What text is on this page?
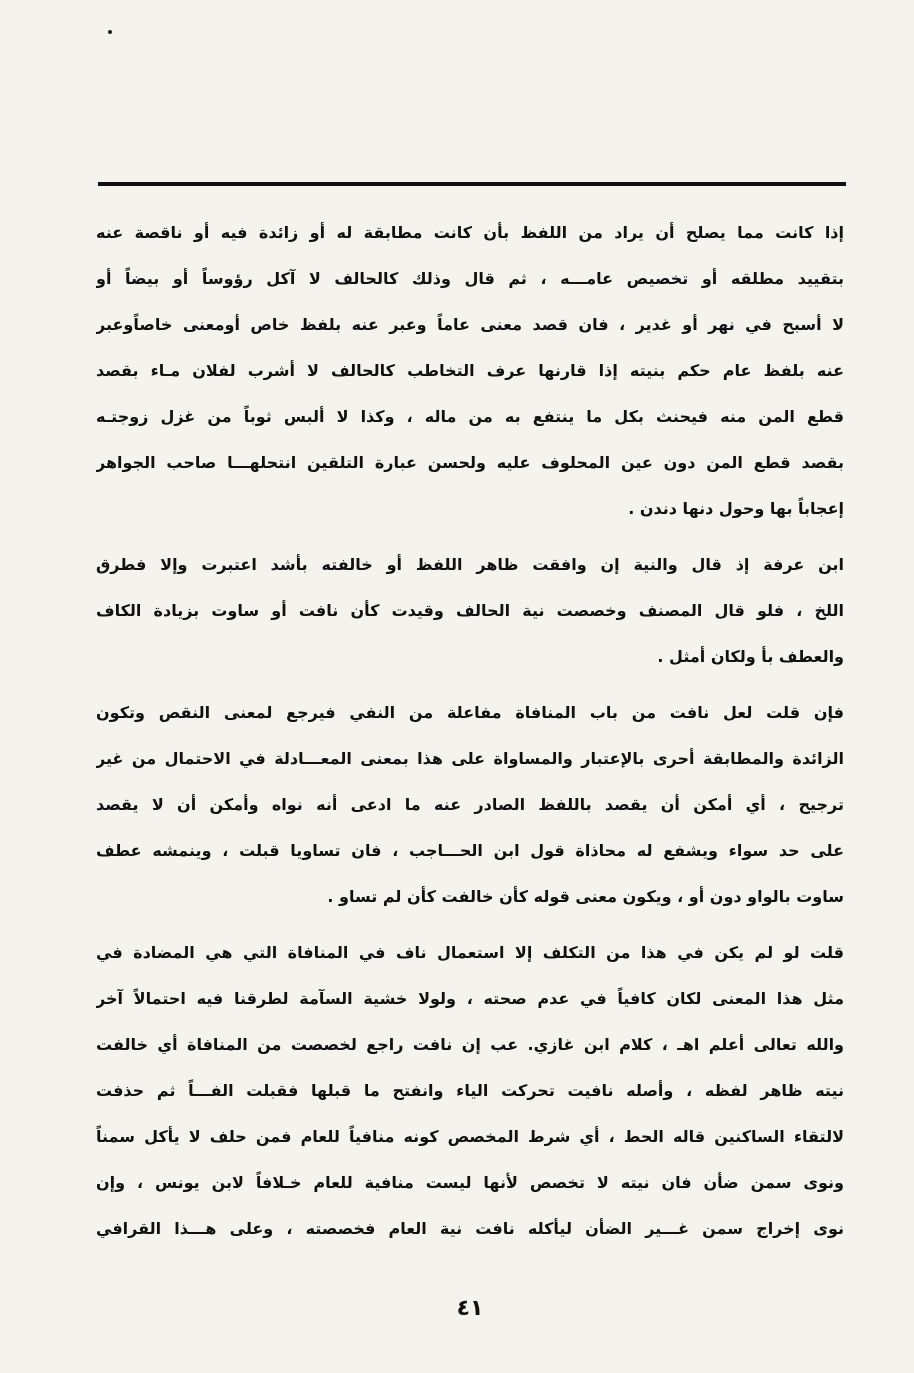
إذا كانت مما يصلح أن يراد من اللفظ بأن كانت مطابقة له أو زائدة فيه أو ناقصة عنه
بتقييد مطلقه أو تخصيص عامـــه ، ثم قال وذلك كالحالف لا آكل رؤوساً أو بيضاً أو
لا أسبح في نهر أو غدير ، فان قصد معنى عاماً وعبر عنه بلفظ خاص أومعنى خاصاًوعبر
عنه بلفظ عام حكم بنيته إذا قارنها عرف التخاطب كالحالف لا أشرب لفلان مـاء بقصد
قطع المن منه فيحنث بكل ما ينتفع به من ماله ، وكذا لا ألبس ثوباً من غزل زوجتـه
بقصد قطع المن دون عين المحلوف عليه ولحسن عبارة التلقين انتحلهـــا صاحب الجواهر
إعجاباً بها وحول دنها دندن .
ابن عرفة إذ قال والنية إن وافقت ظاهر اللفظ أو خالفته بأشد اعتبرت وإلا فطرق
اللخ ، فلو قال المصنف وخصصت نية الحالف وقيدت كأن نافت أو ساوت بزيادة الكاف
والعطف بأ ولكان أمثل .
فإن قلت لعل نافت من باب المنافاة مفاعلة من النفي فيرجع لمعنى النقص وتكون
الزائدة والمطابقة أحرى بالإعتبار والمساواة على هذا بمعنى المعـــادلة في الاحتمال من غير
ترجيح ، أي أمكن أن يقصد باللفظ الصادر عنه ما ادعى أنه نواه وأمكن أن لا يقصد
على حد سواء ويشفع له محاذاة قول ابن الحـــاجب ، فان تساويا قبلت ، وينمشه عطف
ساوت بالواو دون أو ، ويكون معنى قوله كأن خالفت كأن لم تساو .
قلت لو لم يكن في هذا من التكلف إلا استعمال ناف في المنافاة التي هي المضادة في
مثل هذا المعنى لكان كافياً في عدم صحته ، ولولا خشية السآمة لطرقنا فيه احتمالاً آخر
والله تعالى أعلم اهـ ، كلام ابن غازي. عب إن نافت راجع لخصصت من المنافاة أي خالفت
نيته ظاهر لفظه ، وأصله نافيت تحركت الياء وانفتح ما قبلها فقبلت الفـــاً ثم حذفت
لالتقاء الساكنين قاله الحط ، أي شرط المخصص كونه منافياً للعام فمن حلف لا يأكل سمناً
ونوى سمن ضأن فان نيته لا تخصص لأنها ليست منافية للعام خـلافاً لابن يونس ، وإن
نوى إخراج سمن غـــير الضأن ليأكله نافت نية العام فخصصته ، وعلى هـــذا القرافي
٤١
